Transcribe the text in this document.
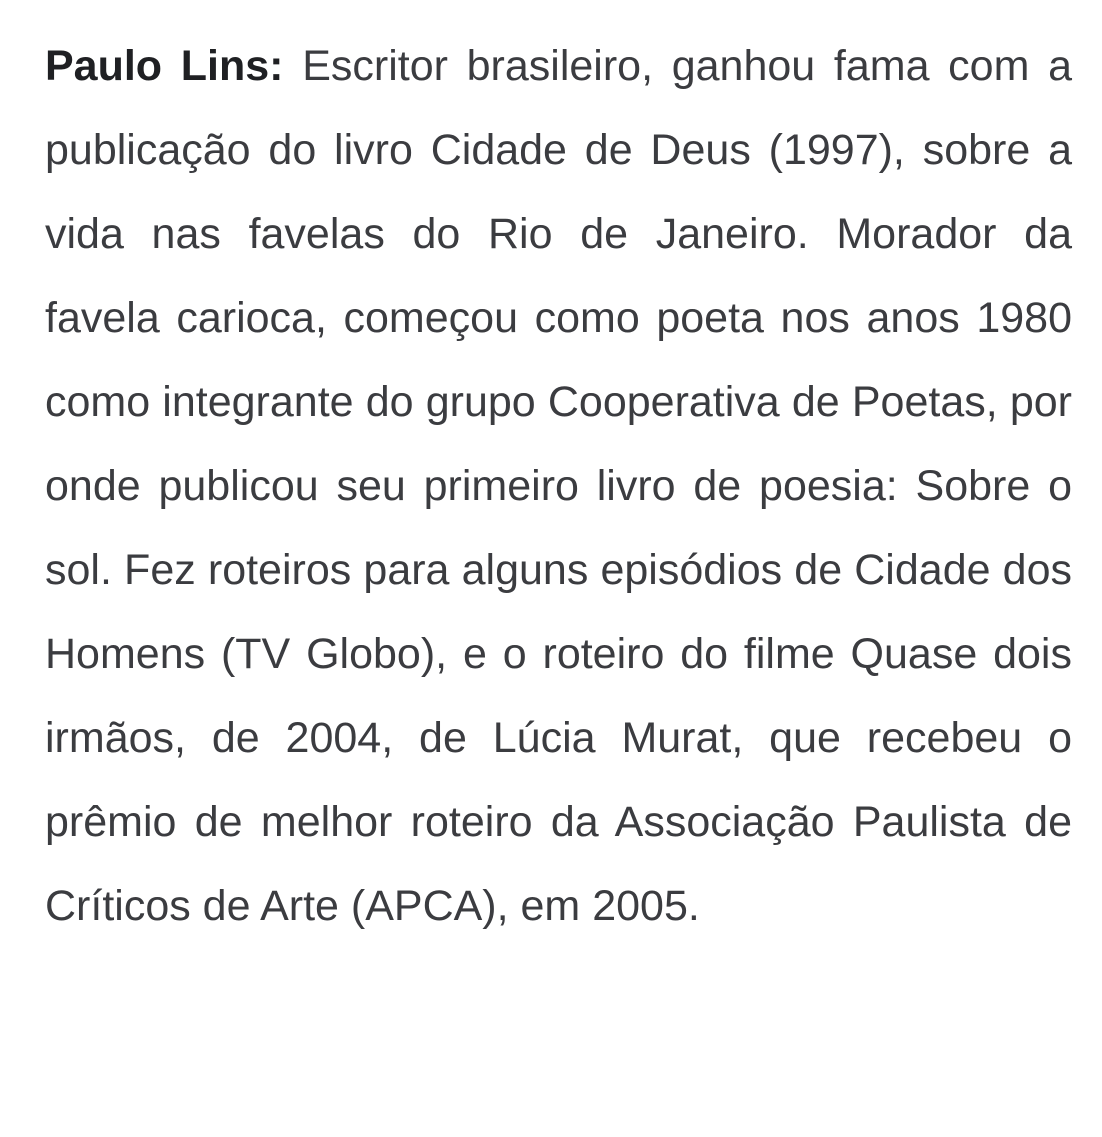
Paulo Lins: Escritor brasileiro, ganhou fama com a publicação do livro Cidade de Deus (1997), sobre a vida nas favelas do Rio de Janeiro. Morador da favela carioca, começou como poeta nos anos 1980 como integrante do grupo Cooperativa de Poetas, por onde publicou seu primeiro livro de poesia: Sobre o sol. Fez roteiros para alguns episódios de Cidade dos Homens (TV Globo), e o roteiro do filme Quase dois irmãos, de 2004, de Lúcia Murat, que recebeu o prêmio de melhor roteiro da Associação Paulista de Críticos de Arte (APCA), em 2005.
